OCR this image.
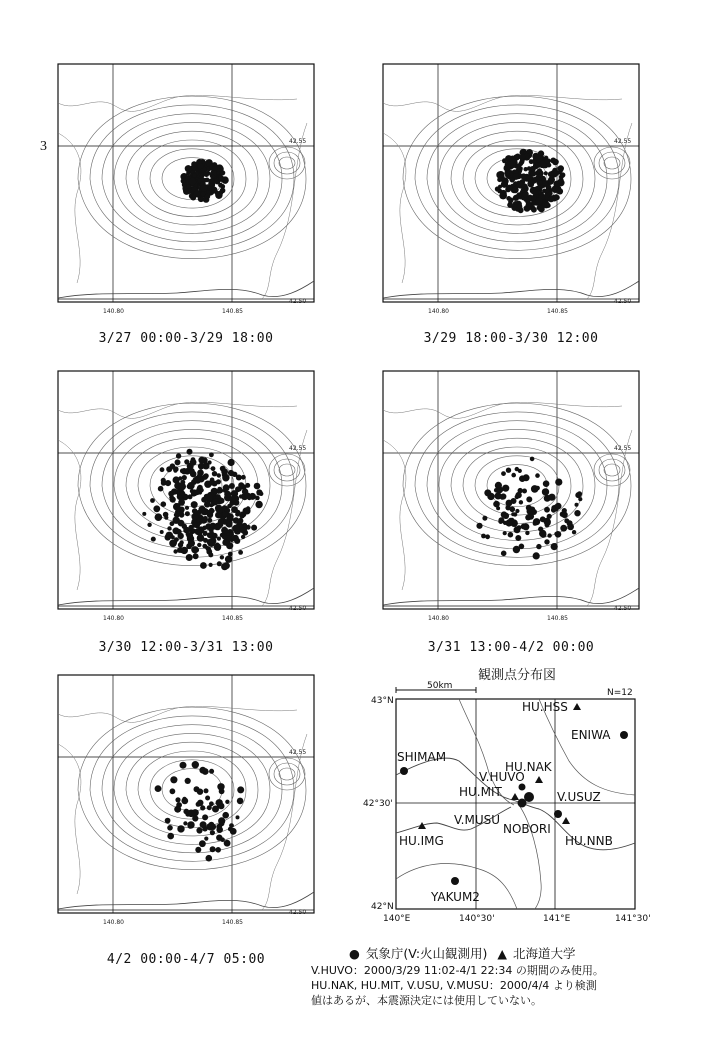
3	42.55
42.50
140.80	140.85
3/27 00:00-3/29 18:00
42.55
42.50
140.80	140.85
3/29 18:00-3/30 12:00
42.55
42.50
140.80	140.85
3/30 12:00-3/31 13:00
42.55
42.50
140.80	140.85
3/31 13:00-4/2 00:00
42.55
42.50
140.80	140.85
4/2 00:00-4/7 05:00
観測点分布図
50km
N=12
43°N
42°30'
42°N
140°E	140°30'	141°E	141°30'
HU.HSS
ENIWA
SHIMAM
V.HUVO
HU.NAK
HU.MIT	V.USUZ
V.MUSU
NOBORI
HU.NNB
HU.IMG
YAKUM2
● 気象庁(V:火山観測用) ▲ 北海道大学
V.HUVO：2000/3/29 11:02-4/1 22:34 の期間のみ使用。
HU.NAK, HU.MIT, V.USU, V.MUSU：2000/4/4 より検測
値はあるが、本震源決定には使用していない。
